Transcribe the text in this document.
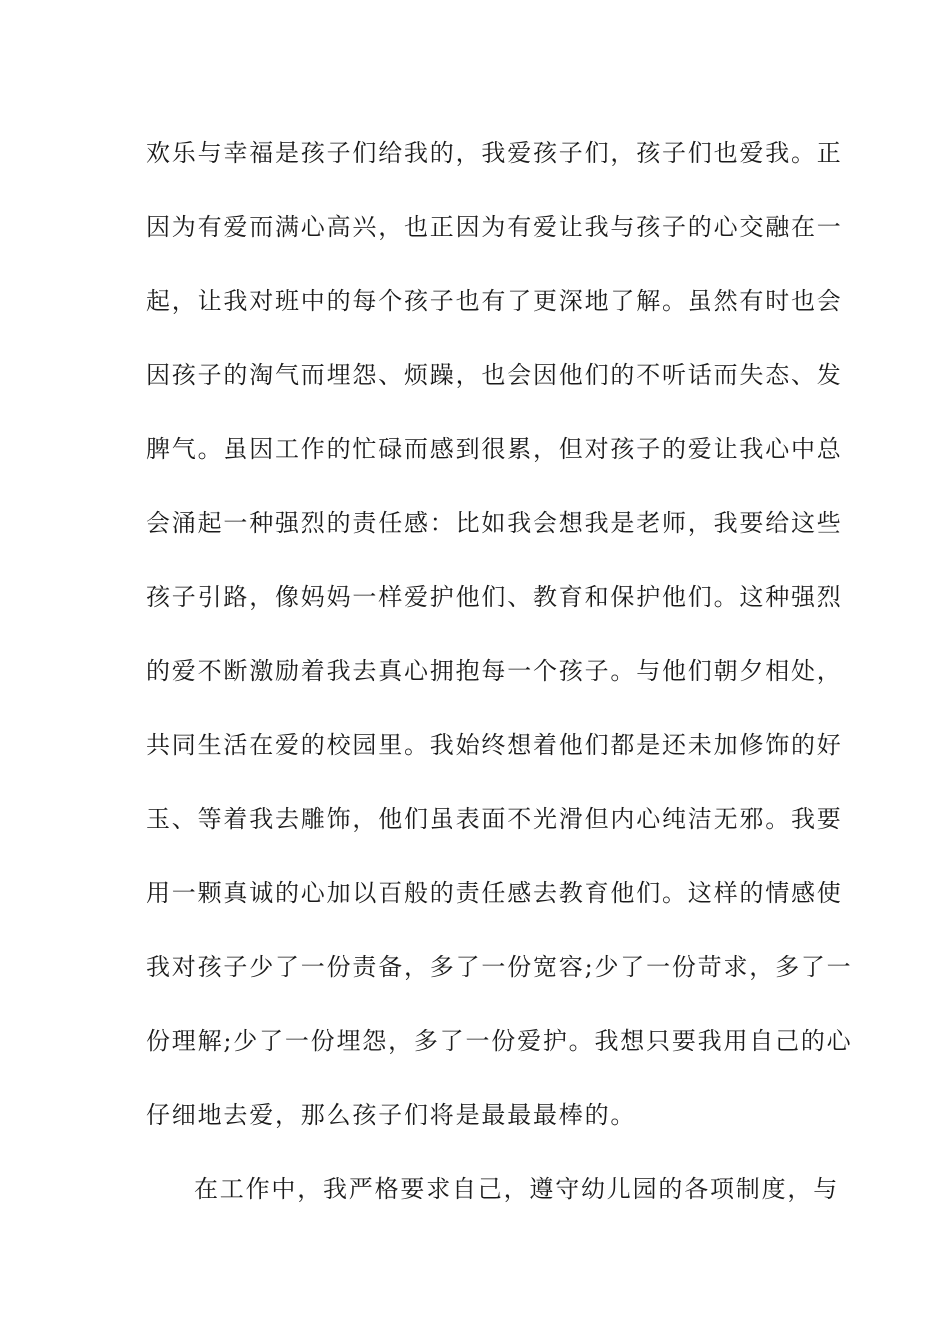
欢乐与幸福是孩子们给我的，我爱孩子们，孩子们也爱我。正
因为有爱而满心高兴，也正因为有爱让我与孩子的心交融在一
起，让我对班中的每个孩子也有了更深地了解。虽然有时也会
因孩子的淘气而埋怨、烦躁，也会因他们的不听话而失态、发
脾气。虽因工作的忙碌而感到很累，但对孩子的爱让我心中总
会涌起一种强烈的责任感：比如我会想我是老师，我要给这些
孩子引路，像妈妈一样爱护他们、教育和保护他们。这种强烈
的爱不断激励着我去真心拥抱每一个孩子。与他们朝夕相处，
共同生活在爱的校园里。我始终想着他们都是还未加修饰的好
玉、等着我去雕饰，他们虽表面不光滑但内心纯洁无邪。我要
用一颗真诚的心加以百般的责任感去教育他们。这样的情感使
我对孩子少了一份责备，多了一份宽容;少了一份苛求，多了一
份理解;少了一份埋怨，多了一份爱护。我想只要我用自己的心
仔细地去爱，那么孩子们将是最最最棒的。
在工作中，我严格要求自己，遵守幼儿园的各项制度，与
